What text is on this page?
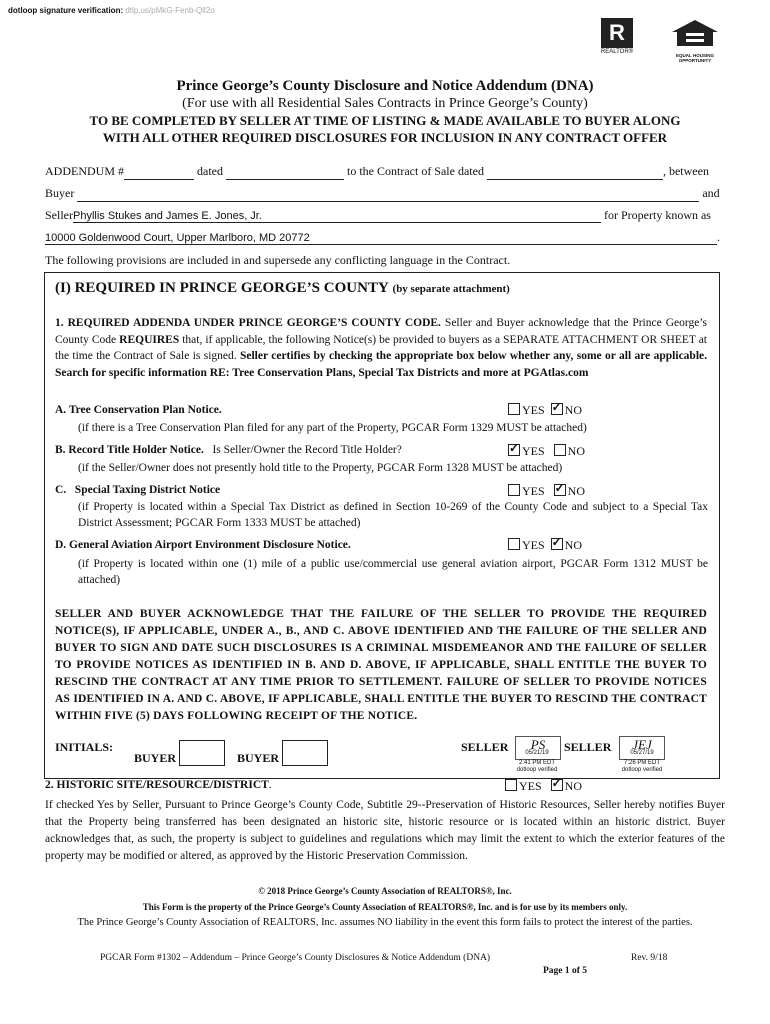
dotloop signature verification: dtlp.us/pMkG-Fenb-Qll2o
R
REALTOR®
EQUAL HOUSING OPPORTUNITY
Prince George’s County Disclosure and Notice Addendum (DNA)
(For use with all Residential Sales Contracts in Prince George’s County)
TO BE COMPLETED BY SELLER AT TIME OF LISTING & MADE AVAILABLE TO BUYER ALONG
WITH ALL OTHER REQUIRED DISCLOSURES FOR INCLUSION IN ANY CONTRACT OFFER
ADDENDUM #	dated	to the Contract of Sale dated	, between
Buyer	and
SellerPhyllis Stukes and James E. Jones, Jr.	for Property known as
10000 Goldenwood Court, Upper Marlboro, MD 20772	.
The following provisions are included in and supersede any conflicting language in the Contract.
(I) REQUIRED IN PRINCE GEORGE’S COUNTY (by separate attachment)
1. REQUIRED ADDENDA UNDER PRINCE GEORGE’S COUNTY CODE. Seller and Buyer acknowledge that the Prince George’s County Code REQUIRES that, if applicable, the following Notice(s) be provided to buyers as a SEPARATE ATTACHMENT OR SHEET at the time the Contract of Sale is signed. Seller certifies by checking the appropriate box below whether any, some or all are applicable. Search for specific information RE: Tree Conservation Plans, Special Tax Districts and more at PGAtlas.com
A. Tree Conservation Plan Notice.	YES ✓ NO
(if there is a Tree Conservation Plan filed for any part of the Property, PGCAR Form 1329 MUST be attached)
B. Record Title Holder Notice. Is Seller/Owner the Record Title Holder? ✓	YES NO
(if the Seller/Owner does not presently hold title to the Property, PGCAR Form 1328 MUST be attached)
C.   Special Taxing District Notice	YES ✓ NO
(if Property is located within a Special Tax District as defined in Section 10-269 of the County Code and subject to a Special Tax District Assessment; PGCAR Form 1333 MUST be attached)
D. General Aviation Airport Environment Disclosure Notice.	YES ✓ NO
(if Property is located within one (1) mile of a public use/commercial use general aviation airport, PGCAR Form 1312 MUST be attached)
SELLER AND BUYER ACKNOWLEDGE THAT THE FAILURE OF THE SELLER TO PROVIDE THE REQUIRED NOTICE(S), IF APPLICABLE, UNDER A., B., AND C. ABOVE IDENTIFIED AND THE FAILURE OF THE SELLER AND BUYER TO SIGN AND DATE SUCH DISCLOSURES IS A CRIMINAL MISDEMEANOR AND THE FAILURE OF SELLER TO PROVIDE NOTICES AS IDENTIFIED IN B. AND D. ABOVE, IF APPLICABLE, SHALL ENTITLE THE BUYER TO RESCIND THE CONTRACT AT ANY TIME PRIOR TO SETTLEMENT. FAILURE OF SELLER TO PROVIDE NOTICES AS IDENTIFIED IN A. AND C. ABOVE, IF APPLICABLE, SHALL ENTITLE THE BUYER TO RESCIND THE CONTRACT WITHIN FIVE (5) DAYS FOLLOWING RECEIPT OF THE NOTICE.
INITIALS:
BUYER	BUYER
SELLER	PS
05/21/19
2:41 PM EDT
dotloop verified
SELLER	JEJ
05/27/19
7:26 PM EDT
dotloop verified
2. HISTORIC SITE/RESOURCE/DISTRICT.	YES ✓ NO
If checked Yes by Seller, Pursuant to Prince George’s County Code, Subtitle 29--Preservation of Historic Resources, Seller hereby notifies Buyer that the Property being transferred has been designated an historic site, historic resource or is located within an historic district. Buyer acknowledges that, as such, the property is subject to guidelines and regulations which may limit the extent to which the exterior features of the property may be modified or altered, as approved by the Historic Preservation Commission.
© 2018 Prince George’s County Association of REALTORS®, Inc.
This Form is the property of the Prince George’s County Association of REALTORS®, Inc. and is for use by its members only.
The Prince George’s County Association of REALTORS, Inc. assumes NO liability in the event this form fails to protect the interest of the parties.
PGCAR Form #1302 – Addendum – Prince George’s County Disclosures & Notice Addendum (DNA)	Rev. 9/18
Page 1 of 5
